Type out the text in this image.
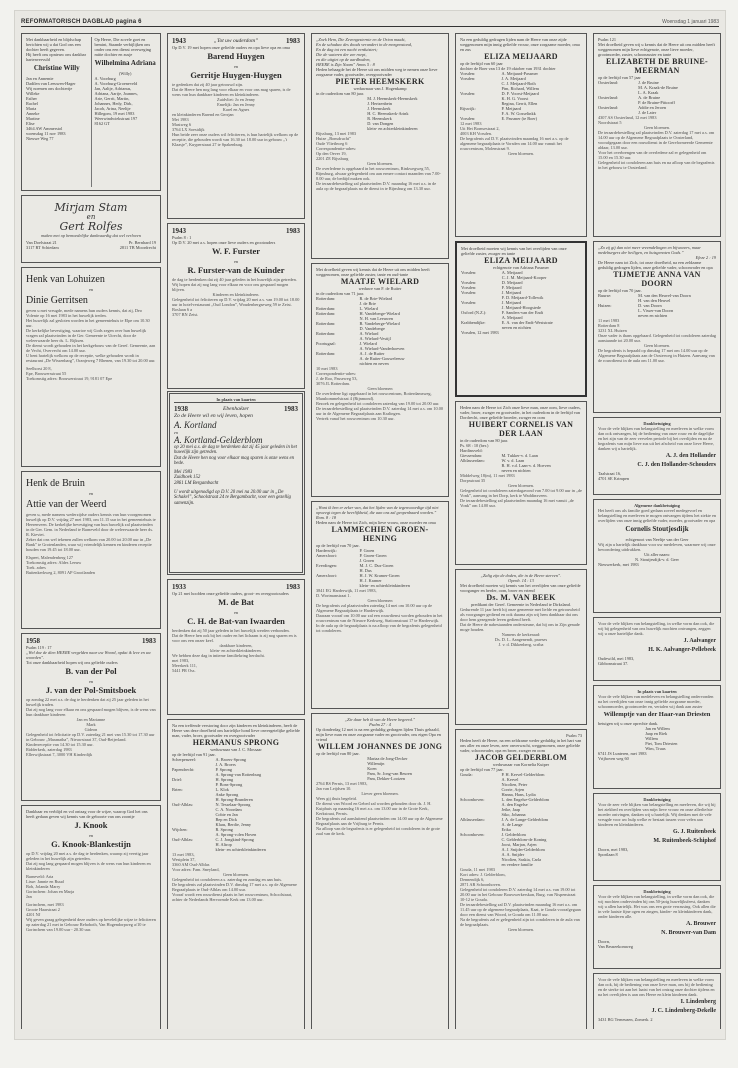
REFORMATORISCH DAGBLAD pagina 6	Woensdag 1 januari 1983
Met dankbaarheid en blijdschap berichten wij u dat God ons een dochter heeft gegeven.
Hij heeft ons opnieuw ons dankbar hartenvervuld
Christine Willy
Jan en Annemie
Dadilen van Leeuwen-Hager
Wij noemen ons dochtertje
Willeke
Esther
Rachel
Maria
Anneke
Martine
Elise
3464 AW Ammerstol
woensdag 11 nov 1983
Nieuwe Weg 77
Op Heere, Die zovele goet en bemint, Staande verbijlijken ons onder ons een dienst overweging mitte dochter en zusje
Wilhelmina Adriana
(Willy)
A. Voorburg
A. Voorburg-Groeneveld
Jan, Aaltje, Adrianus,
Adriana, Aartje, Joannes,
Arie, Gerrit, Martin,
Johannes, Hedy, Dirk,
Jacob, Arina, Neeltje
Hillegom, 19 mei 1983
Weerwindwiekstraat 197
8162 GT
Mirjam Stam
en
Gert Rolfes
maken met op bemoedelijke dankvaardig dat wel verloven
Van Doelstraat 21
3117 RT Schiedam
Pr. Bernhard 19
2811 TB Moordrecht
Henk van Lohuizen
en
Dinie Gerritsen
geven u met vreugde, mede namens hun ouders kennis, dat zij, Deo Volente op 16 mei 1983 in het huwelijk treden.
Het huwelijk zal gesloten worden in het gemeentehuis te Elpe om 10.30 uur.
De kerkelijke bevestiging, waartoe wij Gods zegen over hun huwelijk vragen zal plaatsvinden in de Ger. Gemeente te Utrecht, door de weleerwaarde heer ds. L. Rijksen.
De dienst wordt gehouden in het kerkgebouw van de Geref. Gemeente, aan de Vecht, Overvecht om 14.00 uur.
U bent hartelijk welkom op de receptie, welke gehouden wordt in restaurant „De Wissenbarg”, Oranjeweg 7 Rhenen, van 19.30 tot 20.00 uur.
Seelhorst 20 8,
Epe, Brouwersstraat 55
Toekomstig adres: Brouwerstraat 19, 9181 07 Epe
Henk de Bruin
en
Attie van der Weerd
geven u, mede namens wederzijdse ouders kennis van hun voorgenomen huwelijk op D.V. vrijdag 27 mei 1983, om 11.15 uur in het gemeentehuis te Heerenveen. De kerkelijke bevestiging van hun huwelijk zal plaatsvinden in de Ger. Gem. in Nederland te Barneveld door de weleerwaarde heer ds. R. Kieviet.
Zeker dat ons wel tekenen zullen welkom van 20.00 tot 20.00 uur in „De Bank” te Grotenlanden, waar wij vriendelijk kennen en kinderen receptie houden van 19.45 tot 18.00 uur.
Elspeet, Malendenberg 127
Toekomstig adres: Aldes Leeuw
Toek. adres
Buitenkerkweg 2, 8091 AP Grootlanden
1958	1983
Psalm 119 : 17
„Wel doe de dien HEERE vergelden naar uw Woord, opdat ik leve en uw woorden”.
Tot onze dankbaarheid hopen wij ons geliefde ouders
B. van der Pol
en
J. van der Pol-Smitsboek
op zondag 22 mei a.s. de dag te herdenken dat zij 25 jaar geleden in het huwelijk traden.
Dat zij nog lang voor elkaar en ons gespaard mogen blijven, is de wens van hun dankbare kinderen
Jan en Marianne
Mark
Gideon
Gelegenheid tot felicitatie op D.V. zaterdag 21 mei van 15.30 tot 17.30 uur in Gebouw „Maranatha”, Nieuwstraat 37, Oud-Beijerland.
Kinderreceptie van 14.30 tot 15.30 uur.
Ridderkerk, zaterdag 1983
Ellerwijkstraat 7, 3000 VH Kinderdijk
Dankbaar en verblijd en vol ontzag voor de wijze, waarop God het ons heeft gedaan geven wij kennis van de geboorte van ons zoontje
J. Knook
en
G. Knook-Blankestijn
op D.V. vrijdag 20 mei a.s. de dag te herdenken, waarop zij veertig jaar geleden in het huwelijk zijn getreden.
Dat zij nog lang gespaard mogen blijven is de wens van hun kinderen en kleinkinderen
Barneveld: Aria
Lisse: Jannie en Ruud
Bob, Jolanda Marry
Gorinchem: Johan en Marja
Jan
Gorinchem, mei 1983
Groote Haarstraat 2
4201 NJ
Wij geven graag gelegenheid deze ouders op bevelelijke wijze te feliciteren op zaterdag 21 mei in Gebouw Rehoboth, Van Hogendorpweg a/10 te Gorinchem van 19.00 uur - 20.30 uur.
1943	„Tot uw ouderdom”	1983
Op D.V. 19 mei hopen onze geliefde ouders en opa lieve opa en oma
Barend Huygen
en
Gerritje Huygen-Huygen
te gedenken dat zij 40 jaar getrouwd zijn.
Dat de Heere hen nog lang voor elkaar en voor ons mag sparen, is de wens van hun dankbare kinderen en kleinkinderen.
Zuidvliet: Jo en Jenny
Emelijk: Jan en Jenny
Karel en Agnes
en kleinkinderen Barend en Gerrjan
Mei 1983
Mastweg 6
3764 LX Soestdijk
Hun beide zeer onze ouders wil feliciteren, is hun hartelijk welkom op de receptie, die gehouden wordt van 16.30 tot 18.00 uur in gebouw „'t Klaasje”, Kuyperstraat 27 te Spakenburg.
1943	1983
Psalm 8 : 1
Op D.V. 20 mei a.s. hopen onze lieve ouders en grootouders
W. F. Furster
en
R. Furster-van de Kuinder
de dag te herdenken dat zij 40 jaar geleden in het huwelijk zijn getreden. Wij hopen dat zij nog lang voor elkaar en voor ons gespaard mogen blijven.
Kinderen en kleinkinderen.
Gelegenheid tot feliciteren op D.V. vrijdag 20 mei a.s. van 19.00 tot 18.00 uur in hotel-restaurant „Oud London”, Woudenbergseweg 59 te Zeist.
Boslaan 6 a
3707 BN Zeist.
In plaats van kaarten
1938	Ebenhaëzer	1983
Zo de Heere wil en wij leven, hopen
A. Kortland
en
A. Kortland-Gelderblom
op 20 mei a.s. de dag te herdenken dat zij 45 jaar geleden in het huwelijk zijn getreden.
Dat de Heere hen nog voor elkaar mag sparen is onze wens en bede.
Mei 1983
Zuidhoek 152
2861 LM Bergambacht
U wordt uitgenodigd op D.V. 20 mei na 20.00 uur in „De Schakel”, Schoolstraat 24 te Bergambacht, voor een gezellig samenzijn.
1933	1983
Op 21 mei hoofden onze geliefde ouders, groot- en overgrootouders
M. de Bat
en
C. H. de Bat-van Iwaarden
herdenken dat zij 50 jaar geleden in het huwelijk werden verbonden.
Dat de Heere hen ook bij het ouder en het lichaam is zij nog sparen en is voor ons een onzer keel.
dankbare kinderen,
klein- en achterkleinkinderen.
We hebben deze dag in intieme familiekring herdacht.
mei 1983,
Meerkerk 111,
5441 PR Oss.
Na een treffende verstoring door zijn kinderen en kleinkinderen, heeft de Heere van deze droefheid ons hartelijke hond lieve onvergetelijke geliefde man, vader, broer, grootvader en overgrootvader
HERMANUS SPRONG
weduwnaar van J. C. Mossaar
op de leeftijd van 91 jaar.
Scherpenzeel:	A. Broers-Sprong
J. A. Broers
Papendrecht:	P. Sprong
A. Sprong-van Rottenburg
Driel:	H. Sprong
P. Bons-Sprong
Brien:	L. Klok
Anke Sprong
H. Sprong-Brunderen
Oud-Alblas:	N. Tesselaar-Sprong
C. A. Noordam
Cobie en Jan
Bep en Dick
Klaas, Berdie, Jenny
Wijchen:	R. Sprong
A. Sprong-v.den Hoven
Oud-Alblas:	C. J. Jongkind-Sprong
H. Altrop
klein- en achterkleinkinderen
13 mei 1983,
Westplein 37,
3360 AM Oud-Alblas
Voor adres: Fam. Sneyland,
Geen bloemen.
Gelegenheid tot condoleren a.s. zaterdag en zondag en aan huis.
De begrafenis zal plaatsvinden D.V. dinsdag 17 mei a.s. op de Algemene Begraafplaats te Oud-Alblas om 14.00 uur.
Vooraf wordt een rouwdienst plaats in het rouwcentrum, Schoolstraat, achter de Nederlands Hervormde Kerk om 13.00 uur.
„Zoek Hem, Die Zevengesternte en de Orion maakt,
En de schaduw des doods verandert in de morgenstond,
En de dag tot een nacht verduistert;
Die de wateren der zee roept,
en die uitgiet op de aardbodem,
HEERE is Zijn Naam” Amos 5 : 8
Heden behaagde het de Heere uit ons midden weg te nemen onze lieve zorgzame vader, grootvader, overgrootvader
PIETER HEEMSKERK
weduwnaar van J. Hogenkamp
in de ouderdom van 80 jaar.
M. J. Heemskerk-Heemskerk
J. Hertzenbein
J. Heemskerk
H. C. Heemskerk-Arink
R. Heemskerk
D. van Dongen
klein- en achterkleinkinderen
Bijssburg, 13 mei 1983
Huize „Bonsdrucht”
Oude Vliethweg 6
Correspondentie-adres:
Op den Oever 19,
2201 ZE Bijssburg
Geen bloemen.
De overledene is opgebaard in het rouwcentrum, Rinkwegweg 55, Rijnsburg, alwaar gelegenheid om aan ermee contact maanden van 7.00-8.00 uur, de bedtijd maken ook.
De teraardebestelling zal plaatsvinden D.V. maandag 16 mei a.s. in de aula op de begraafplaats na de dienst in te Rijnsburg om 13.30 uur.
Met droefheid geven wij kennis dat de Heere uit ons midden heeft weggenomen, onze geliefde zuster, tante en oud-tante
MAATJE WIELARD
weduwe van F. de Ruiter
in de ouderdom van 71 jaar.
Rotterdam:	R. de Brie-Wielard
J. de Brie
Rotterdam:	L. Wielard
Rotterdam:	H. Vandeberge-Wielard
N. H. van Leeuwen
Rotterdam:	B. Vandeberge-Wielard
D. Vandeberge
Rotterdam:	A. Wielard
A. Wielard-Vestijl
Poortugaal:	J. Wielard
A. Wielard-Vanderhoeven
Rotterdam:	A. J. de Ruiter
A. de Ruiter-Gouweleeuw
nichten en neven
10 mei 1983
Correspondentie-adres:
J. de Roo, Passeweg 53,
3076 JL Rotterdam.
Geen bloemen
De overledene ligt opgebaard in het rouwcentrum, Rotterdamsweg, Maasbommelstraat 4 (Rijnmond).
Bezoek en gelegenheid tot condoleren zaterdag van 19.00 tot 20.00 uur.
De teraardebestelling zal plaatsvinden D.V. zaterdag 14 mei a.s. om 10.00 uur in de Algemene Begraafplaats aan Kralingen.
Vertrek vanaf het rouwcentrum om 10.30 uur.
„Want ik ben er zeker van, dat het lijden van de tegenwoordige tijd niet opweegt tegen de heerlijkheid, die aan ons zal geopenbaard worden.” Rom. 8 : 18
Heden nam de Heere tot Zich, mijn lieve vrouw, onze moeder en oma
LAMMECHIEN GROEN-HENING
op de leeftijd van 70 jaar.
Harderwijk:	P. Groen
Amersfoort:	P. Groen-Groen
J. Groen
Everdingen:	M. J. C. Dus-Groen
H. Dus
Amersfoort:	H. J. W. Kramer-Groen
H. J. Kramer
klein- en achterkleinkinderen
3841 EG Harderwijk, 11 mei 1983,
D. Wortmanstraat 1.
Geen bloemen
De begrafenis zal plaatsvinden zaterdag 14 mei om 10.00 uur op de Algemene Begraafplaats te Harderwijk.
Daaraan vooraf om 10.00 uur zal een rouwdienst worden gehouden in het rouwcentrum van de Nieuwe Kerkweg, Stationsstraat 17 te Harderwijk.
In de aula op de begraafplaats is na afloop van de begrafenis gelegenheid tot condoleren.
„Zie daar heb ik van de Heere begeerd.”
Psalm 27 : 4
Op donderdag 12 mei is na een geduldig gedragen lijden Thuis gehaald, mijn lieve man en onze zorgzame vader en grootvader, ons eigen Opa en vriend
WILLEM JOHANNES DE JONG
op de leeftijd van 80 jaar.
Mariaa de Jong-Decker
Willemijn
Koen
Pam, Sr. Jong-van Beuren
Pam, Dekker-Looizen
2764 BS Pernis, 13 mei 1983,
Jan van Leijdsen 10.
Liever geen bloemen.
Wees gij thuis begeleid.
De dienst van Woord en Gebed zal worden gehouden door ds. J. H. Kuiphuis op maandag 16 mei a.s. om 13.00 uur in de Grote Kerk, Kerkstraat, Pernis.
De begrafenis zal aansluitend plaatsvinden om 14.00 uur op de Algemene Begraafplaats aan de Vrijburg te Pernis.
Na afloop van de begrafenis is er gelegenheid tot condoleren in de grote zaal van de kerk.
Na een geduldig gedragen lijden nam de Heere van onze zijde weggenomen mijn innig geliefde vrouw, onze zorgzame moeder, oma en zus
ELIZA MEIJAARD
op de leeftijd van 60 jaar
dochter de Boer van 13 de 19 oktober van 1931 dochter
Vorsden:	A. Meijaard-Passmer
Vorsden:	J. A. Meijaard
C. J. Meijaard-Both
Pim, Richard, Willem
Vorsden:	D. F. Voorst-Meijaard
K. H. G. Voorst
Regina, Gerrit, Ellen
Rijswijk:	P. Meijaard
F. A. W. Gosselinkk
Vorsden:	E. Passmer (te Boer)
12 mei 1983
Uit Het Bornsestraat 2,
4003 KH Vorsden.
De begrafenis zal D.V. plaatsvinden maandag 16 mei a.s. op de algemene begraafplaats te Vorsden om 14.00 uur vanuit het rouwcentrum, Molenstraat 9.
Geen bloemen.
Met droefheid moeten wij kennis van het overlijden van onze geliefde zuster, zwager en tante
ELIZA MEIJAARD
echtgenote van Adriana Passmer
Vorsden:	A. Meijaard
C. J. M. Meijaard-Kooper
Vorsden:	D. Meijaard
Vorsden:	F. Meijaard
Vorsden:	J. Meijaard
F. D. Meijaard-Tollewik
Vorsden:	J. Meijaard
J. Meijaard-Hoogstede
Oxford (N.Z.):	F. Sanders-van der Endt
A. Meijaard
Krabbendijke:	E. A. van der Endt-Weststrate
neven en nichten
Vorsden, 12 mei 1983
Heden nam de Heere tot Zich onze lieve man, onze oom, lieve ouders, vader, broer, zwager en grootvader, in het ouderdom in de leeftijd van Dordrecht, onze geliefde broeder, zwager en oom
HUIBERT CORNELIS VAN DER LAAN
in de ouderdom van 80 jaar.
Ps. 68 : 10 (ber.)
Hardinxveld:
Giessendam:	M. Tukker-v. d. Laan
Alblasserdam:	W. v. d. Laan
B. H. v.d. Laan-v. d. Hoeven
neven en nichten
Middelweg 18(m), 11 mei 1983
Dorpsstraat 35
Geen bloemen.
Gelegenheid tot condoleren zaterdagavond van 7.00 tot 9.00 uur in „de Vonk”, aanvang in het Dorp, kerk te Waddinxveen.
De teraardebestelling zal plaatsvinden maandag 16 mei vanuit „de Vonk” om 14.00 uur.
„Zalig zijn de doden, die in de Heere sterven”.
Openb. 14 : 13
Met droefheid moeten wij kennis van het overlijden van onze geliefde voorganger en herder, oom, broer en vriend
Ds. M. VAN BEEK
predikant der Geref. Gemeente in Nederland te Dirksland.
Gedurende 11 jaar heeft hij onze gemeente met liefde en getrouwheid als voorganger gediend en ook daarna zijn wij hem dankbaar dat ons door hem gezegende leven gediend heeft.
Dat de Heere de nabestaanden ondersteune, dat hij ons in Zijn genade moge houden.
Namens de kerkeraad:
Ds. D. L. Aangenendt, praeses
J. v. d. Dikkenberg, scriba
Psalm 73
Heden heeft de Heere, na een zeldzame weder geduldig in het hart van ons aller en onze leven, zeer onverwacht, weggenomen, onze geliefde vader, schoonvader, opa en broer, zwager en oom
JACOB GELDERBLOM
weduwnaar van Kornelia Kuiper
op de leeftijd van 77 jaar.
Gouda:	P. H. Kervel-Gelderblom
A. Kervel
Nicolien, Peter
Corrie, Arjen
Hanna, Hans, Lydia
Schoonhoven:	L. den Engelse-Gelderblom
A. den Engelse
Jeike, Jaap
Siko, Johanna
Alblasserdam:	J. A. de Lange-Gelderblom
A. de Lange
Erika
Schoonhoven:	J. Gelderblom
C. Gelderblom-de Koning
Joost, Marjan, Arjen
A. J. Snijder-Gelderblom
A. A. Snijder
Nicolien, Saskia, Carla
en verdere familie
Gouda, 11 mei 1983
Kort adres: J. Gelderblom,
Dennendijk 6,
2871 AR Schoonhoven.
Gelegenheid tot condoleren D.V. zaterdag 14 mei a.s. van 19.00 tot 20.00 uur in het Gebouw Bouwwerkerskan, Burg. van Nispenstraat 10-12 te Gouda.
De teraardebestelling zal D.V. plaatsvinden maandag 16 mei a.s. om 11.45 uur op de algemene begraafplaats, Kaat, te Gouda voorafgegaan door een dienst van Woord, te Gouda om 11.00 uur.
Na de begrafenis zal er gelegenheid zijn tot condoleren in de aula van de begraafplaats.
Geen bloemen.
Psalm 121
Met droefheid geven wij u kennis dat de Heere uit ons midden heeft weggenomen mijn lieve echtgenote, onze lieve moeder, grootmoeder, zuster, schoonzuster en tante
ELIZABETH DE BRUINE-MEERMAN
op de leeftijd van 57 jaar
Oosterland:	J. de Bruine
M. A. Kraak-de Bruine
L. A. Kraak
Oosterland:	A. de Bruine
P. de Bruine-Pittoorff
Oosterland:	Addie en Jeroen
J. de Later
4307 AS Oosterland, 12 mei 1983
Noordstraat 5
Geen bloemen.
De teraardebestelling zal plaatsvinden D.V. zaterdag 17 mei a.s. om 14.00 uur op de Algemene Begraafplaats te Oosterland, voorafgegaan door een rouwdienst in de Gereformeerde Gemeente aldaar, 13.00 uur.
Voor het overbrengen van de overledene zal er gelegenheid om 15.00 en 15.30 uur.
Gelegenheid tot condoleren aan huis en na afloop van de begrafenis in het gebouw te Oosterland.
„Zo zij gij dan niet meer vreemdelingen en bijwoners, maar medeburgers der heiligen, en huisgenoten Gods.”
Efeze 2 : 19
De Heere nam tot Zich, tot onze droefheid, na een zeldzame geduldig gedragen lijden, onze geliefde vader, schoonvader en opa
TIJMETJE ANNA VAN DOORN
op de leeftijd van 70 jaar.
Buurse:	M. van den Heuvel-van Doorn
H. van den Heuvel
Huizen:	D. van Doorn
L. Visser-van Doorn
neven en nichten
11 mei 1983
Rotterdam 8
3231 XL Huizen
Onze vader is thans opgebaard. Gelegenheid tot condoleren zaterdag aanstaande tot 20.00 uur.
Geen bloemen.
De begrafenis is bepaald op dinsdag 17 mei om 14.00 uur op de Algemene Begraafplaats aan de Oosterweg in Huizen. Aanvang van de rouwdienst in de aula om 11.00 uur.
Dankbetuiging
Voor de vele blijken van belangstelling en meeleven in welke vorm dan ook ontvangen, bij de bediening van onze rouw en de dagelijke en het zijn van de zeer vervelen periode bij het overlijden en na de begrafenis van mijn lieve zus uit het afscheid van onze lieve Heere, danken wij u hartelijk.
A. J. den Hollander
C. J. den Hollander-Schouders
Taalstraat 16,
4701 SE Krimpen
Algemene dankbetuiging
Het heeft ons als familie goed gedaan zoveel medegevoel en belangstelling en meeleven te mogen ontvangen tijdens het ziekte en overlijden van onze innig geliefde vader, moeder, grootvader en opa
Cornelis Stoutjesdijk
echtgenoot van Neeltje van der Geer
Wij zijn u hartelijk dankbaar voor uw medeleven, waarmee wij onze bewondering uitdrukken.
Uit aller naam:
N. Stoutjesdijk-v. d. Geer
Nieuwerkerk, mei 1983
Voor de vele blijken van belangstelling, in welke vorm dan ook, die wij bij gelegenheid van ons huwelijk mochten ontvangen, zeggen wij u onze hartelijke dank.
J. Aalvanger
H. K. Aalvanger-Pellebeek
Oudewild, mei 1983,
Gibbonsstraat 37.
In plaats van kaarten
Voor de vele blijken van medeleven en belangstelling ondervonden na het overlijden van onze innig geliefde zorgzame moeder, schoonmoeder, grootmoeder en, vertalen wij dank aan zuster
Willemptje van der Haar-van Driesten
betuigen wij u onze oprechte dank.
Jan en Willem
Jaap en Riek
Willem
Piet, Tom Driesten
Wim, Truus
6741 JS Lunteren, mei 1983
Vrijhoven weg 60
Dankbetuiging
Voor de zeer vele blijken van belangstelling en meeleven, die wij bij het ziekbed en overlijden van mijn lieve vrouw en onze allerliefste moeder ontvingen, danken wij u hartelijk. Wij denken met de vele vreugde voor uw hulp welke er bestaat tussen voor velen aan kinderen en kleinkinderen.
G. J. Ruitenbeek
M. Ruitenbeek-Schiphof
Doorn, mei 1983,
Sportlaan 8
Dankbetuiging
Voor de vele blijken van belangstelling, in welke vorm dan ook, die wij mochten ondervinden bij ons 50-jarig huwelijksfeest, danken wij u allen hartelijk. Het was ons een grote verrassing. Ook allen die in vele laatste fijne ogen en zingen, kinder- en kleinkinderen dank, onder kinderen alle.
A. Brouwer
N. Brouwer-van Dam
Doorn,
Van Beuseekomweg
Voor de vele blijken van belangstelling en meeleven in welke vorm dan ook, bij de bediening van onze lieve man, ons bij de bediening en de sterke tot aan het laatst van het ontzag onze dochter tijdens en na het overlijden is aan ons Heere en klein kinderen dank.
I. Lindenberg
J. C. Lindenberg-Dekelle
3431 BG Terneuzen, Zomerk. 2
